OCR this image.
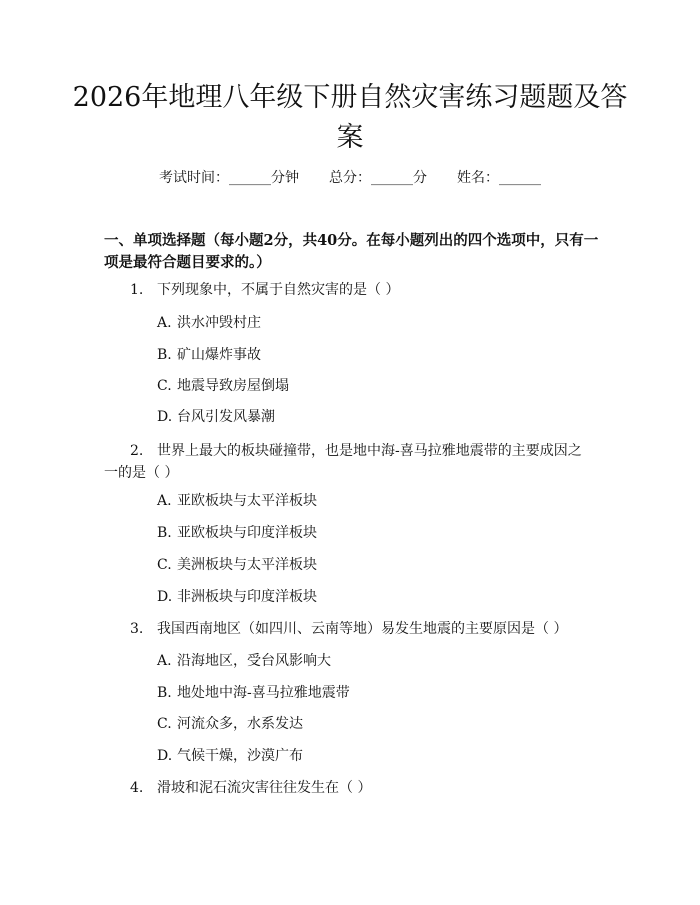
2026年地理八年级下册自然灾害练习题题及答案
考试时间：______分钟 总分：______分 姓名：______

一、单项选择题（每小题2分，共40分。在每小题列出的四个选项中，只有一项是最符合题目要求的。）

1. 下列现象中，不属于自然灾害的是（ ）
A. 洪水冲毁村庄
B. 矿山爆炸事故
C. 地震导致房屋倒塌
D. 台风引发风暴潮
2. 世界上最大的板块碰撞带，也是地中海-喜马拉雅地震带的主要成因之一的是（ ）
A. 亚欧板块与太平洋板块
B. 亚欧板块与印度洋板块
C. 美洲板块与太平洋板块
D. 非洲板块与印度洋板块
3. 我国西南地区（如四川、云南等地）易发生地震的主要原因是（ ）
A. 沿海地区，受台风影响大
B. 地处地中海-喜马拉雅地震带
C. 河流众多，水系发达
D. 气候干燥，沙漠广布
4. 滑坡和泥石流灾害往往发生在（ ）
